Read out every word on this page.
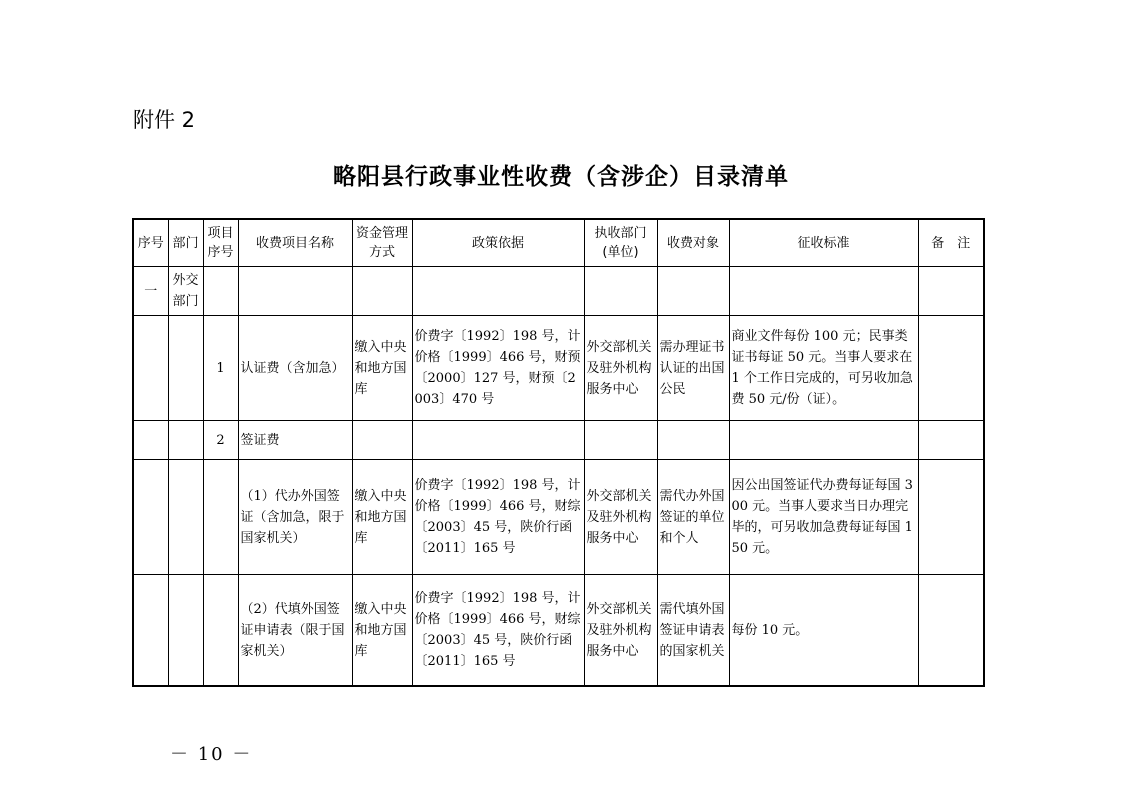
附件 2
略阳县行政事业性收费（含涉企）目录清单
序号	部门	项目序号	收费项目名称	资金管理方式	政策依据	执收部门(单位)	收费对象	征收标准	备　注
一	外交部门								
		1	认证费（含加急）	缴入中央和地方国库	价费字〔1992〕198 号，计价格〔1999〕466 号，财预〔2000〕127 号，财预〔2003〕470 号	外交部机关及驻外机构服务中心	需办理证书认证的出国公民	商业文件每份 100 元；民事类证书每证 50 元。当事人要求在 1 个工作日完成的，可另收加急费 50 元/份（证）。	
		2	签证费						
			（1）代办外国签证（含加急，限于国家机关）	缴入中央和地方国库	价费字〔1992〕198 号，计价格〔1999〕466 号，财综〔2003〕45 号，陕价行函〔2011〕165 号	外交部机关及驻外机构服务中心	需代办外国签证的单位和个人	因公出国签证代办费每证每国 300 元。当事人要求当日办理完毕的，可另收加急费每证每国 150 元。	
			（2）代填外国签证申请表（限于国家机关）	缴入中央和地方国库	价费字〔1992〕198 号，计价格〔1999〕466 号，财综〔2003〕45 号，陕价行函〔2011〕165 号	外交部机关及驻外机构服务中心	需代填外国签证申请表的国家机关	每份 10 元。	
－ 10 －
